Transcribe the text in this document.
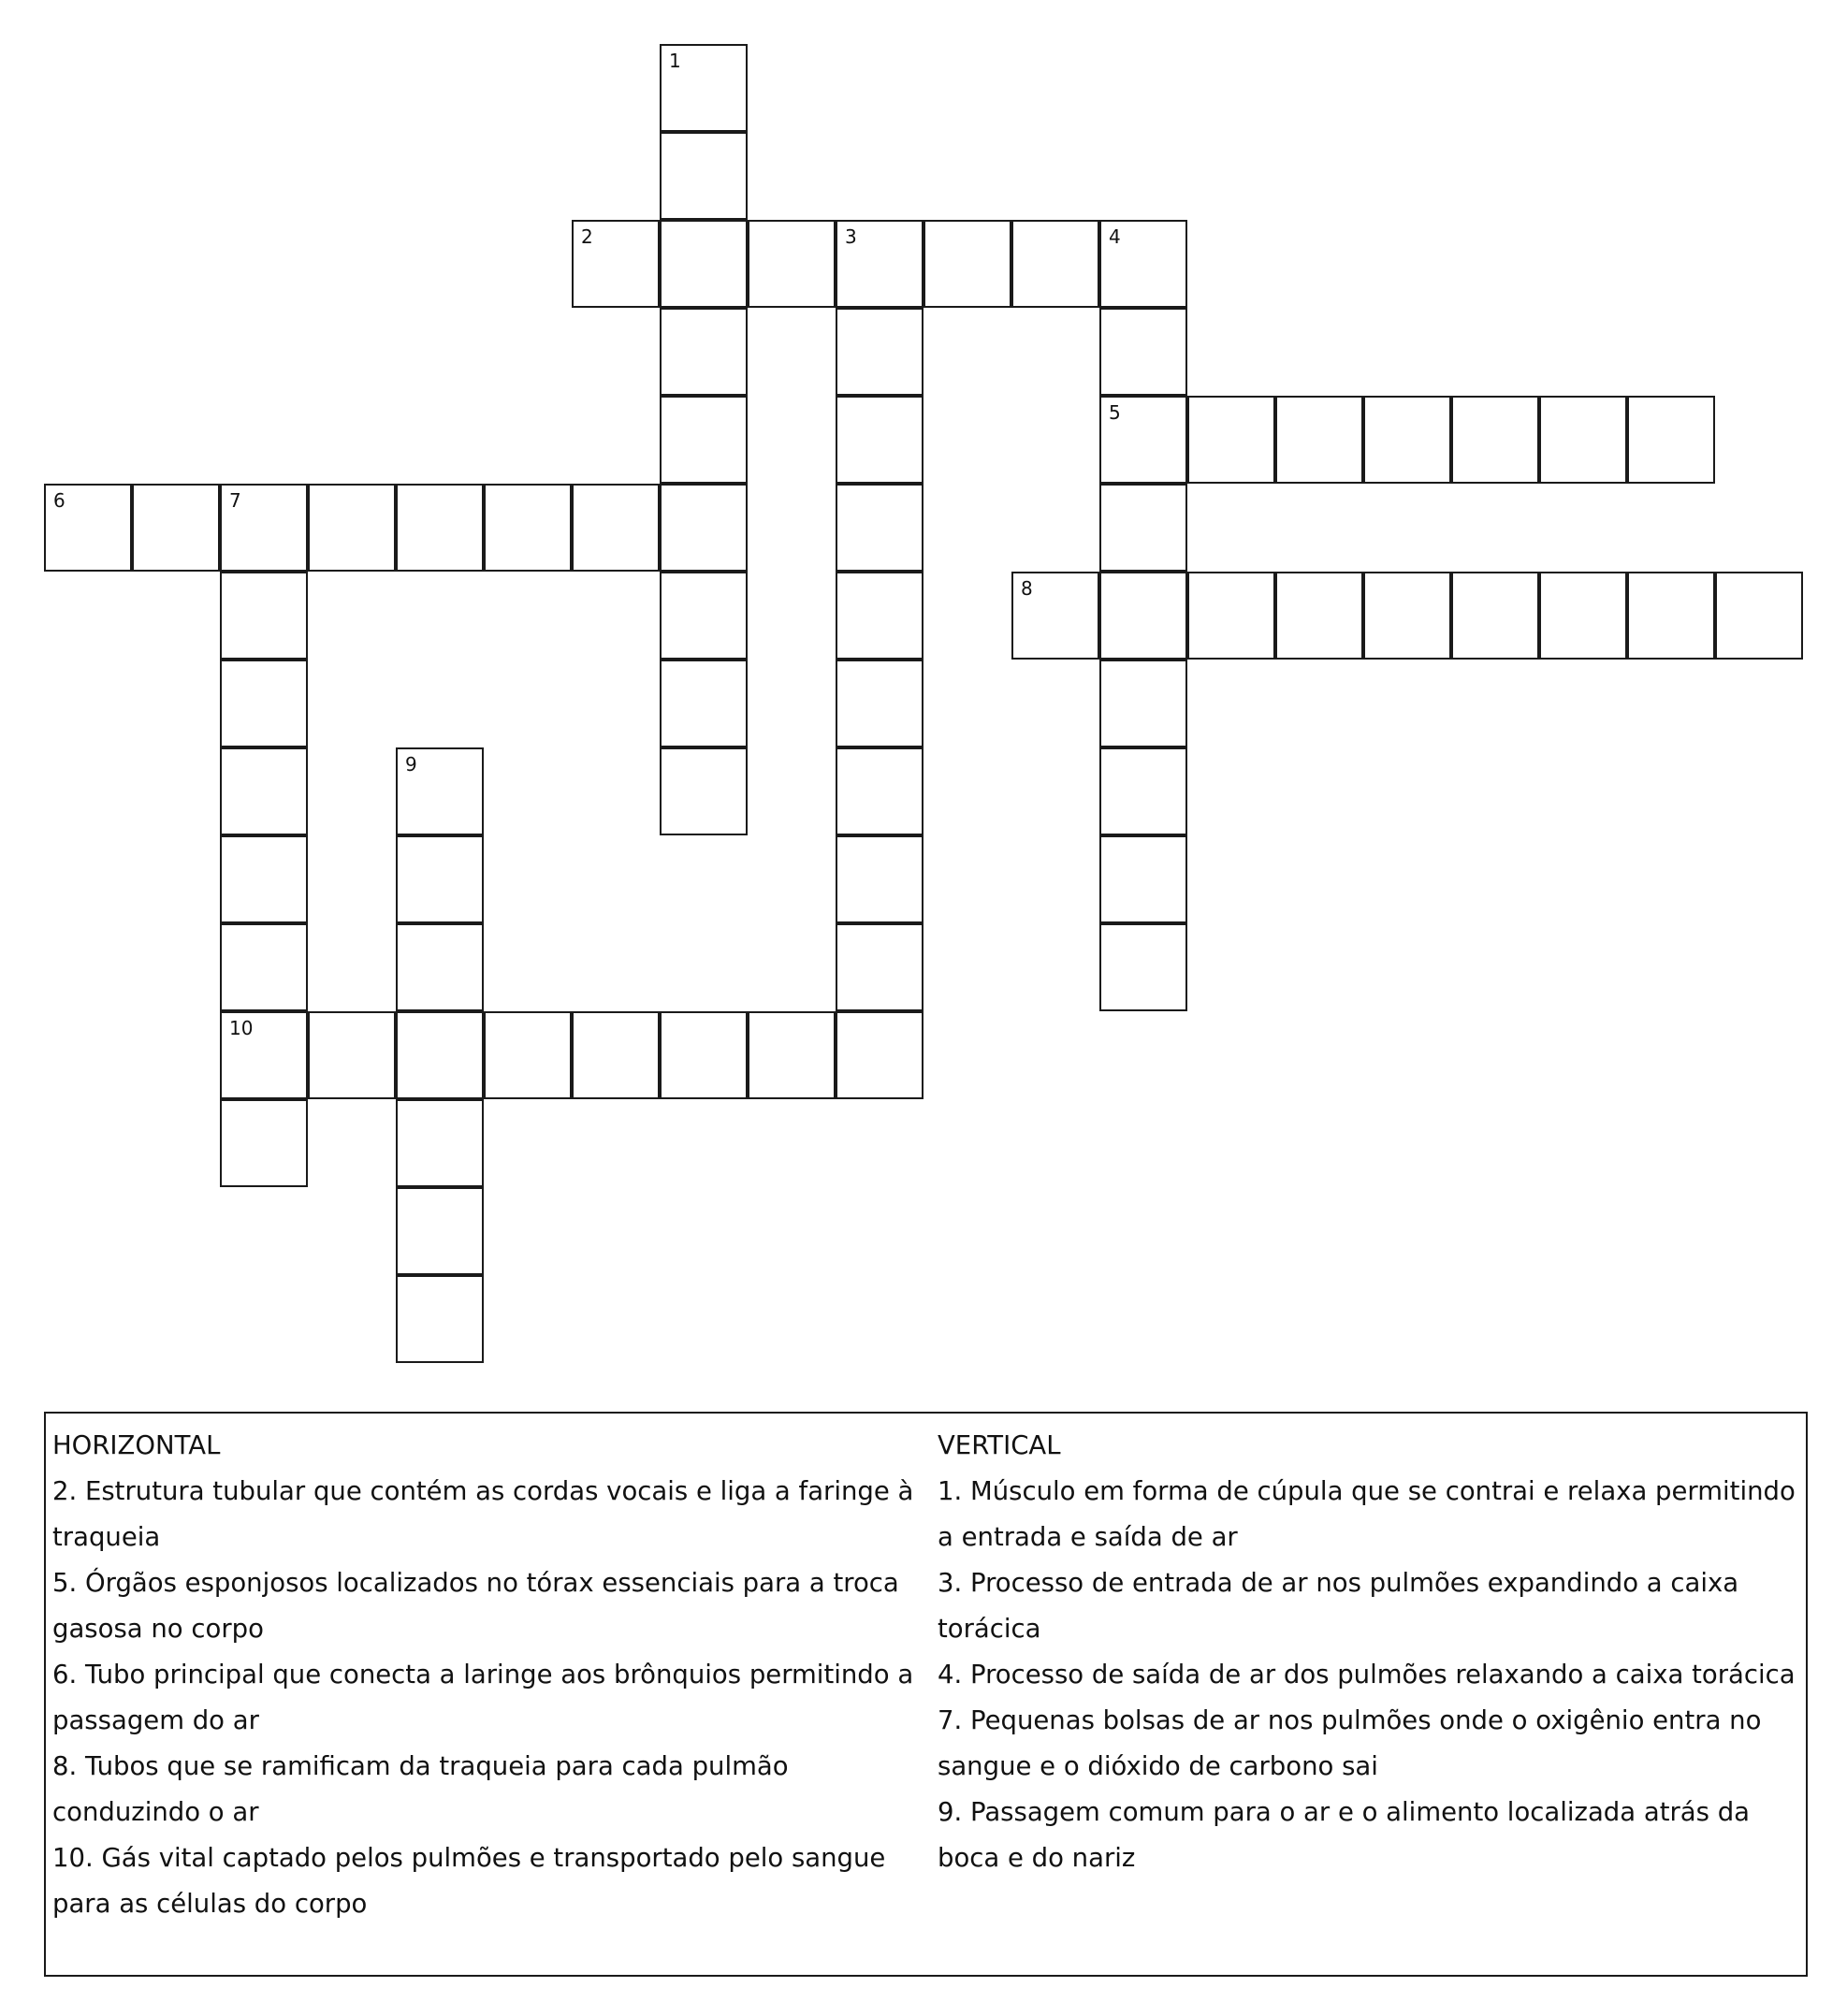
1
2	3	4
5
6	7
10
8
9
HORIZONTAL
2. Estrutura tubular que contém as cordas vocais e liga a faringe à traqueia
5. Órgãos esponjosos localizados no tórax essenciais para a troca gasosa no corpo
6. Tubo principal que conecta a laringe aos brônquios permitindo a passagem do ar
8. Tubos que se ramificam da traqueia para cada pulmão conduzindo o ar
10. Gás vital captado pelos pulmões e transportado pelo sangue para as células do corpo
VERTICAL
1. Músculo em forma de cúpula que se contrai e relaxa permitindo a entrada e saída de ar
3. Processo de entrada de ar nos pulmões expandindo a caixa torácica
4. Processo de saída de ar dos pulmões relaxando a caixa torácica
7. Pequenas bolsas de ar nos pulmões onde o oxigênio entra no sangue e o dióxido de carbono sai
9. Passagem comum para o ar e o alimento localizada atrás da boca e do nariz
